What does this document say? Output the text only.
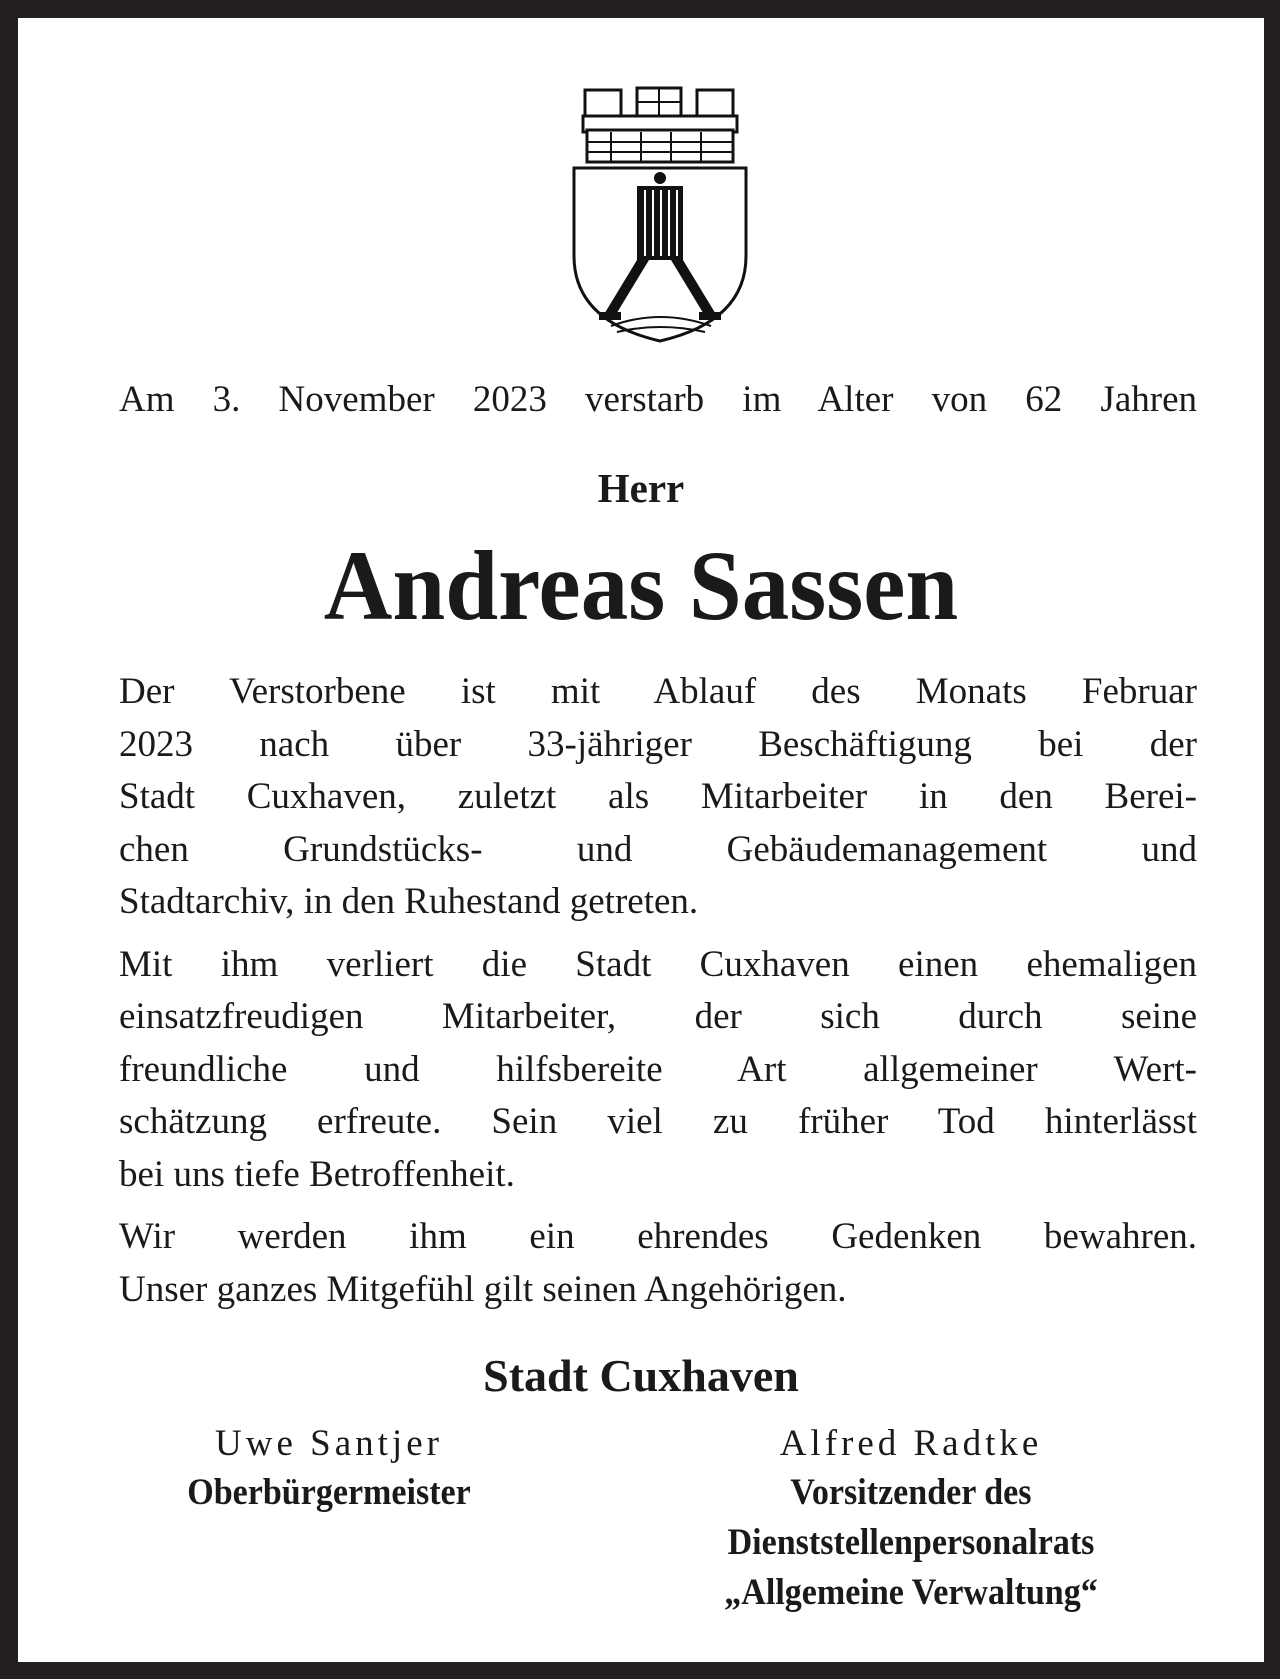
Am 3. November 2023 verstarb im Alter von 62 Jahren
Herr
Andreas Sassen
Der Verstorbene ist mit Ablauf des Monats Februar
2023 nach über 33-jähriger Beschäftigung bei der
Stadt Cuxhaven, zuletzt als Mitarbeiter in den Berei-
chen Grundstücks- und Gebäudemanagement und
Stadtarchiv, in den Ruhestand getreten.
Mit ihm verliert die Stadt Cuxhaven einen ehemaligen
einsatzfreudigen Mitarbeiter, der sich durch seine
freundliche und hilfsbereite Art allgemeiner Wert-
schätzung erfreute. Sein viel zu früher Tod hinterlässt
bei uns tiefe Betroffenheit.
Wir werden ihm ein ehrendes Gedenken bewahren.
Unser ganzes Mitgefühl gilt seinen Angehörigen.
Stadt Cuxhaven
Uwe Santjer
Oberbürgermeister
Alfred Radtke
Vorsitzender des
Dienststellenpersonalrats
„Allgemeine Verwaltung“
